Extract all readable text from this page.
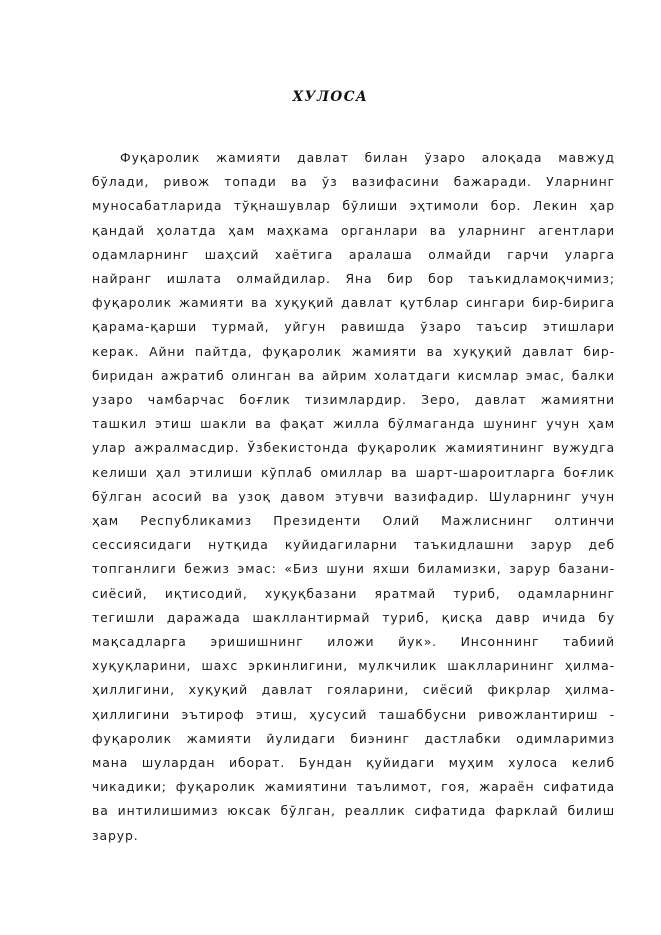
ХУЛОСА

Фуқаролик жамияти давлат билан ўзаро алоқада мавжуд бўлади, ривож топади ва ўз вазифасини бажаради. Уларнинг муносабатларида тўқнашувлар бўлиши эҳтимоли бор. Лекин ҳар қандай ҳолатда ҳам маҳкама органлари ва уларнинг агентлари одамларнинг шаҳсий хаётига аралаша олмайди гарчи уларга найранг ишлата олмайдилар. Яна бир бор таъкидламоқчимиз; фуқаролик жамияти ва хуқуқий давлат қутблар сингари бир-бирига қарама-қарши турмай, уйгун равишда ўзаро таъсир этишлари керак. Айни пайтда, фуқаролик жамияти ва хуқуқий давлат бир-биридан ажратиб олинган ва айрим холатдаги кисмлар эмас, балки узаро чамбарчас боғлик тизимлардир. Зеро, давлат жамиятни ташкил этиш шакли ва фақат жилла бўлмаганда шунинг учун ҳам улар ажралмасдир. Ўзбекистонда фуқаролик жамиятининг вужудга келиши ҳал этилиши кўплаб омиллар ва шарт-шароитларга боғлик бўлган асосий ва узоқ давом этувчи вазифадир. Шуларнинг учун ҳам Республикамиз Президенти Олий Мажлиснинг олтинчи сессиясидаги нутқида куйидагиларни таъкидлашни зарур деб топганлиги бежиз эмас: «Биз шуни яхши биламизки, зарур базани-сиёсий, иқтисодий, хуқуқбазани яратмай туриб, одамларнинг тегишли даражада шакллантирмай туриб, қисқа давр ичида бу мақсадларга эришишнинг иложи йук». Инсоннинг табиий хуқуқларини, шахс эркинлигини, мулкчилик шаклларининг ҳилма-ҳиллигини, хуқуқий давлат гояларини, сиёсий фикрлар ҳилма-ҳиллигини эътироф этиш, ҳусусий ташаббусни ривожлантириш - фуқаролик жамияти йулидаги биэнинг дастлабки одимларимиз мана шулардан иборат. Бундан қуйидаги муҳим хулоса келиб чикадики; фуқаролик жамиятини таълимот, гоя, жараён сифатида ва интилишимиз юксак бўлган, реаллик сифатида фарклай билиш зарур.
